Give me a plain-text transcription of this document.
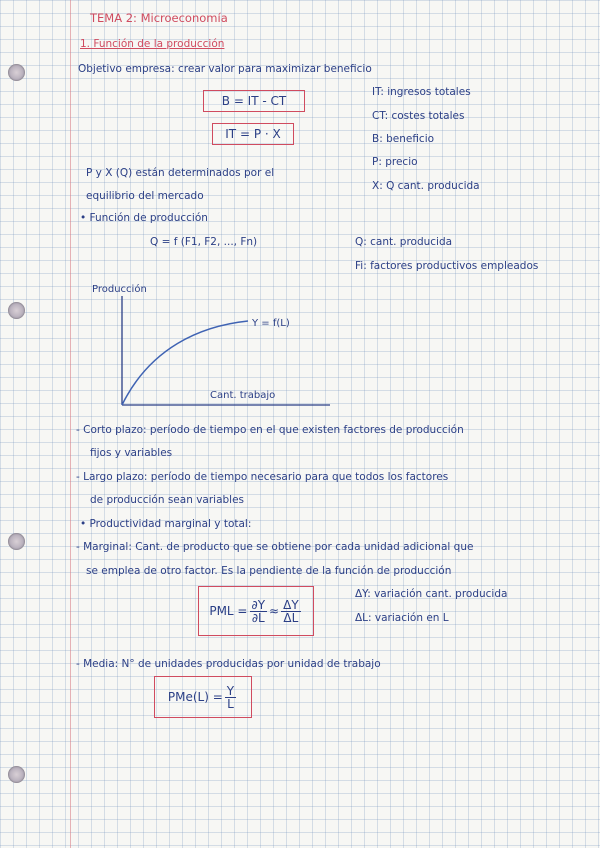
TEMA 2: Microeconomía
1. Función de la producción
Objetivo empresa: crear valor para maximizar beneficio
B = IT - CT
IT = P · X
IT: ingresos totales
CT: costes totales
B: beneficio
P: precio
X: Q cant. producida
P y X (Q) están determinados por el
equilibrio del mercado
• Función de producción
Q = f (F1, F2, ..., Fn)	Q: cant. producida
Fi: factores productivos empleados
Producción
Cant. trabajo
Y = f(L)
- Corto plazo: período de tiempo en el que existen factores de producción
fijos y variables
- Largo plazo: período de tiempo necesario para que todos los factores
de producción sean variables
• Productividad marginal y total:
- Marginal: Cant. de producto que se obtiene por cada unidad adicional que
se emplea de otro factor. Es la pendiente de la función de producción
PML = $\frac{\partial Y}{\partial L} \approx \frac{\Delta Y}{\Delta L}$
ΔY: variación cant. producida
ΔL: variación en L
- Media: N° de unidades producidas por unidad de trabajo
$PMe(L) = \frac{Y}{L}$
